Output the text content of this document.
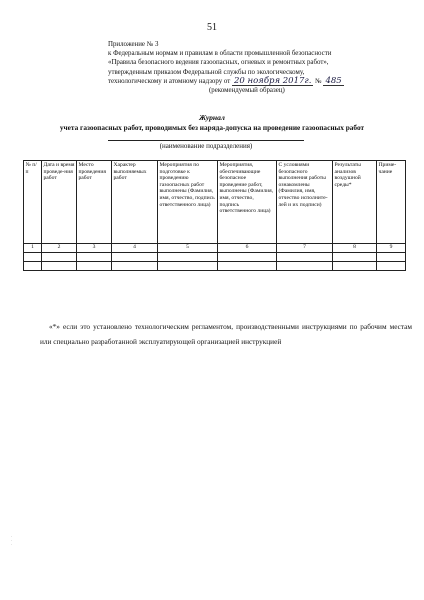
51
Приложение № 3
к Федеральным нормам и правилам в области промышленной безопасности
«Правила безопасного ведения газоопасных, огневых и ремонтных работ»,
утвержденным приказом Федеральной службы по экологическому,
технологическому и атомному надзору от 20 ноября 2017г. № 485
(рекомендуемый образец)
Журнал
учета газоопасных работ, проводимых без наряда-допуска на проведение газоопасных работ
(наименование подразделения)
№ п/п	Дата и время проведе-ния работ	Место проведения работ	Характер выполняемых работ	Мероприятия по подготовке к проведению газоопасных работ выполнены (Фамилия, имя, отчество, подпись ответственного лица)	Мероприятия, обеспечивающие безопасное проведение работ, выполнены (Фамилия, имя, отчество, подпись ответственного лица)	С условиями безопасного выполнения работы ознакомлены (Фамилия, имя, отчество исполните-лей и их подписи)	Результаты анализов воздушной среды*	Приме-чание
1	2	3	4	5	6	7	8	9

«*» если это установлено технологическим регламентом, производственными инструкциями по рабочим местам или специально разработанной эксплуатирующей организацией инструкцией
·
·
·
